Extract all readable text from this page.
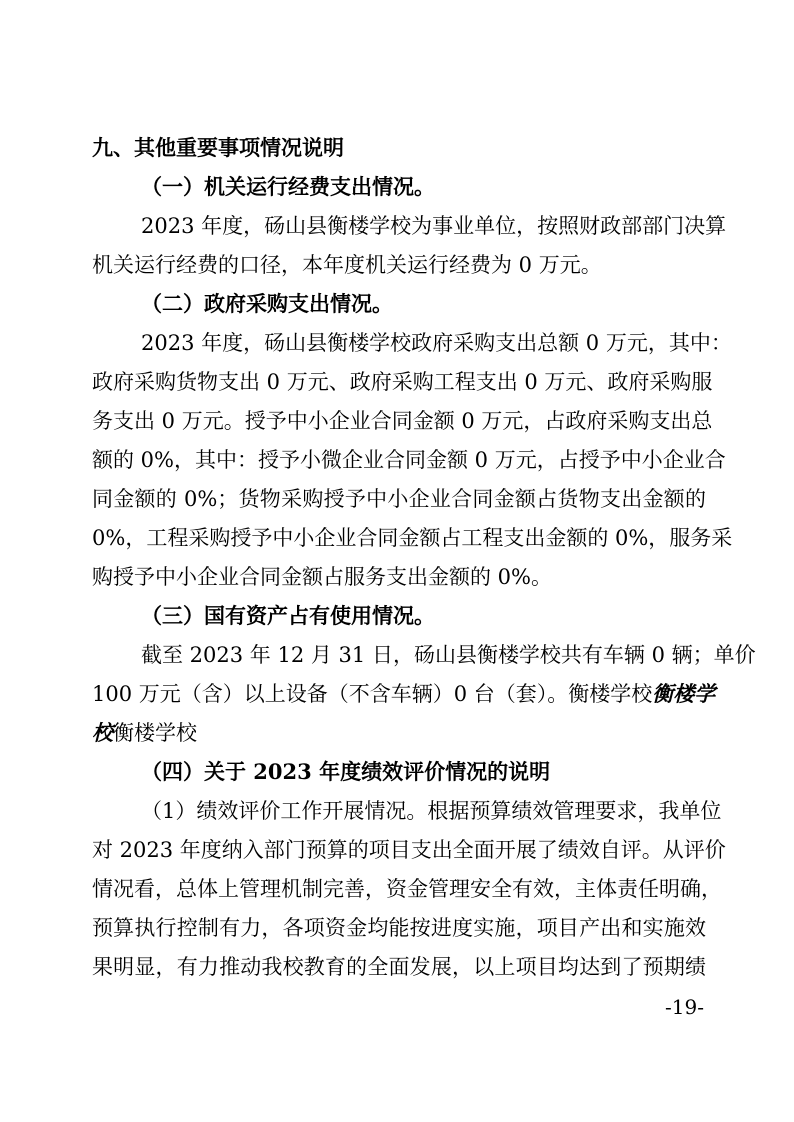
九、其他重要事项情况说明
（一）机关运行经费支出情况。
2023 年度，砀山县衡楼学校为事业单位，按照财政部部门决算
机关运行经费的口径，本年度机关运行经费为 0 万元。
（二）政府采购支出情况。
2023 年度，砀山县衡楼学校政府采购支出总额 0 万元，其中：
政府采购货物支出 0 万元、政府采购工程支出 0 万元、政府采购服
务支出 0 万元。授予中小企业合同金额 0 万元，占政府采购支出总
额的 0%，其中：授予小微企业合同金额 0 万元，占授予中小企业合
同金额的 0%；货物采购授予中小企业合同金额占货物支出金额的
0%，工程采购授予中小企业合同金额占工程支出金额的 0%，服务采
购授予中小企业合同金额占服务支出金额的 0%。
（三）国有资产占有使用情况。
截至 2023 年 12 月 31 日，砀山县衡楼学校共有车辆 0 辆；单价
100 万元（含）以上设备（不含车辆）0 台（套）。衡楼学校衡楼学
校衡楼学校
（四）关于 2023 年度绩效评价情况的说明
（1）绩效评价工作开展情况。根据预算绩效管理要求，我单位
对 2023 年度纳入部门预算的项目支出全面开展了绩效自评。从评价
情况看，总体上管理机制完善，资金管理安全有效，主体责任明确，
预算执行控制有力，各项资金均能按进度实施，项目产出和实施效
果明显，有力推动我校教育的全面发展，以上项目均达到了预期绩
-19-
